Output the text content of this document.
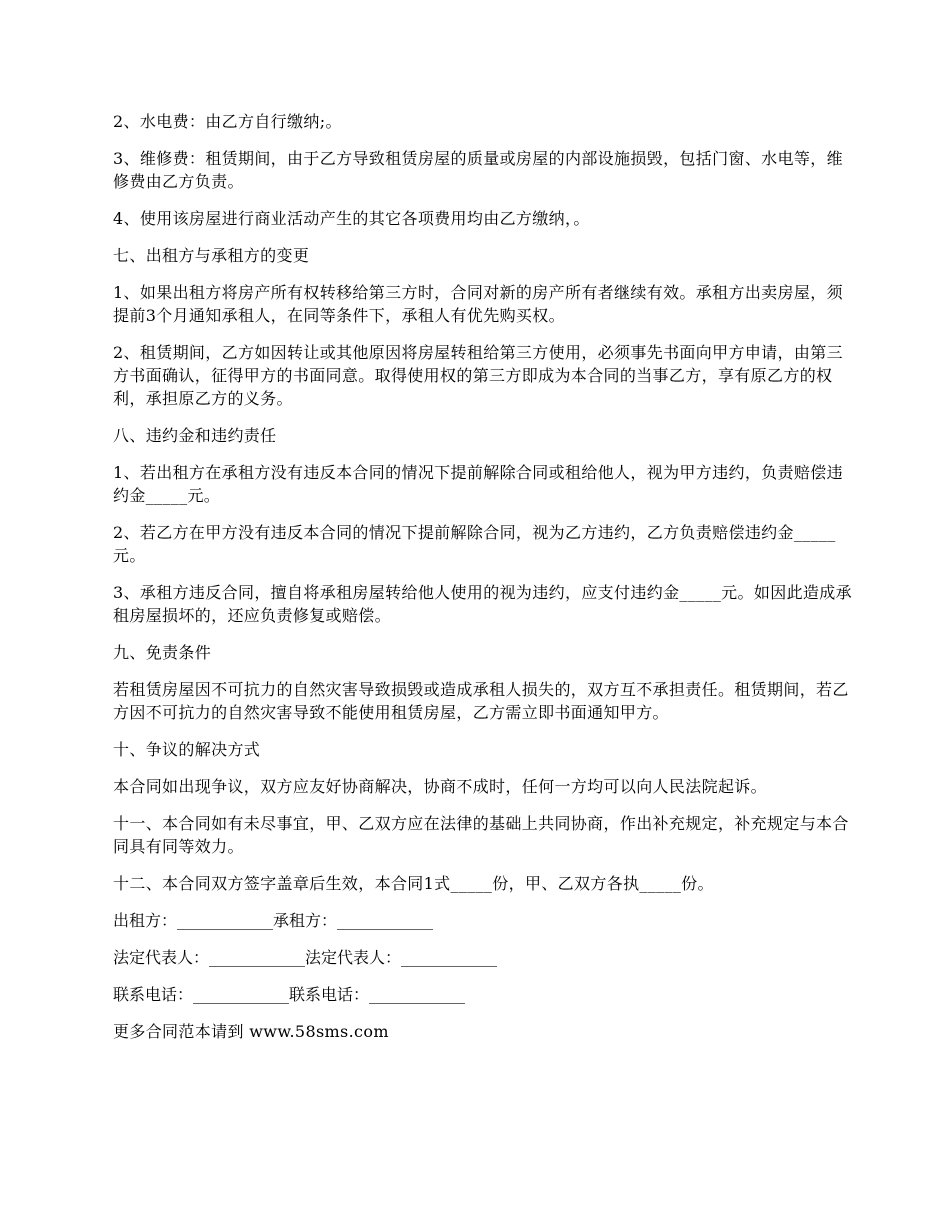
2、水电费：由乙方自行缴纳;。

3、维修费：租赁期间，由于乙方导致租赁房屋的质量或房屋的内部设施损毁，包括门窗、水电等，维修费由乙方负责。

4、使用该房屋进行商业活动产生的其它各项费用均由乙方缴纳，。

七、出租方与承租方的变更

1、如果出租方将房产所有权转移给第三方时，合同对新的房产所有者继续有效。承租方出卖房屋，须提前3个月通知承租人，在同等条件下，承租人有优先购买权。

2、租赁期间，乙方如因转让或其他原因将房屋转租给第三方使用，必须事先书面向甲方申请，由第三方书面确认，征得甲方的书面同意。取得使用权的第三方即成为本合同的当事乙方，享有原乙方的权利，承担原乙方的义务。

八、违约金和违约责任

1、若出租方在承租方没有违反本合同的情况下提前解除合同或租给他人，视为甲方违约，负责赔偿违约金_____元。

2、若乙方在甲方没有违反本合同的情况下提前解除合同，视为乙方违约，乙方负责赔偿违约金_____元。

3、承租方违反合同，擅自将承租房屋转给他人使用的视为违约，应支付违约金_____元。如因此造成承租房屋损坏的，还应负责修复或赔偿。

九、免责条件

若租赁房屋因不可抗力的自然灾害导致损毁或造成承租人损失的，双方互不承担责任。租赁期间，若乙方因不可抗力的自然灾害导致不能使用租赁房屋，乙方需立即书面通知甲方。

十、争议的解决方式

本合同如出现争议，双方应友好协商解决，协商不成时，任何一方均可以向人民法院起诉。

十一、本合同如有未尽事宜，甲、乙双方应在法律的基础上共同协商，作出补充规定，补充规定与本合同具有同等效力。

十二、本合同双方签字盖章后生效，本合同1式_____份，甲、乙双方各执_____份。

出租方：____________承租方：____________
法定代表人：____________法定代表人：____________
联系电话：____________联系电话：____________

更多合同范本请到 www.58sms.com
